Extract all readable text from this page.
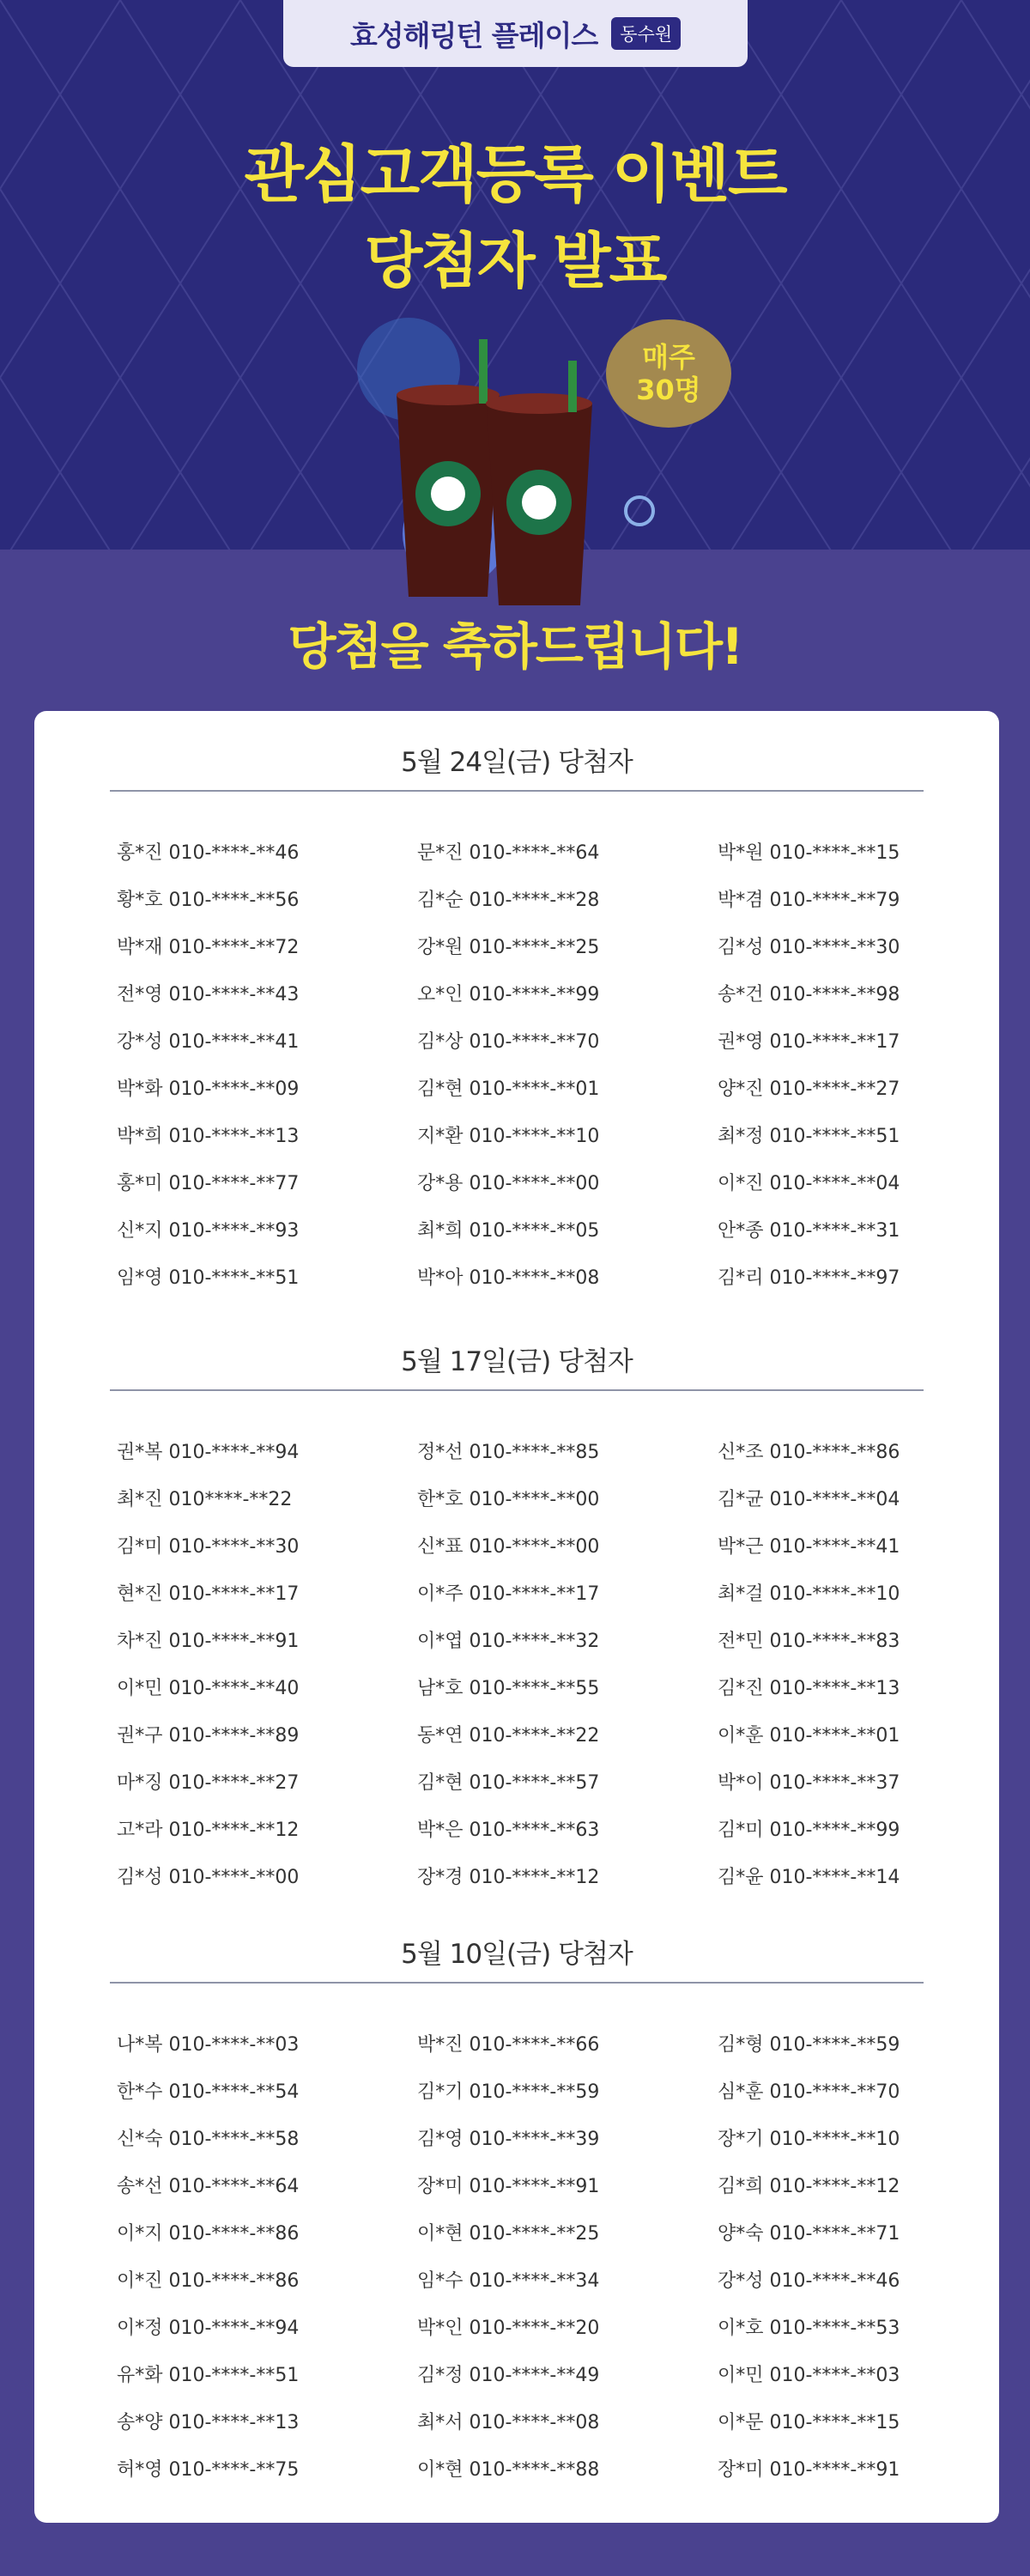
효성해링턴 플레이스	동수원
관심고객등록 이벤트
당첨자 발표
매주
30명
당첨을 축하드립니다!
5월 24일(금) 당첨자
홍*진 010-****-**46	문*진 010-****-**64	박*원 010-****-**15
황*호 010-****-**56	김*순 010-****-**28	박*겸 010-****-**79
박*재 010-****-**72	강*원 010-****-**25	김*성 010-****-**30
전*영 010-****-**43	오*인 010-****-**99	송*건 010-****-**98
강*성 010-****-**41	김*상 010-****-**70	권*영 010-****-**17
박*화 010-****-**09	김*현 010-****-**01	양*진 010-****-**27
박*희 010-****-**13	지*환 010-****-**10	최*정 010-****-**51
홍*미 010-****-**77	강*용 010-****-**00	이*진 010-****-**04
신*지 010-****-**93	최*희 010-****-**05	안*종 010-****-**31
임*영 010-****-**51	박*아 010-****-**08	김*리 010-****-**97
5월 17일(금) 당첨자
권*복 010-****-**94	정*선 010-****-**85	신*조 010-****-**86
최*진 010****-**22	한*호 010-****-**00	김*균 010-****-**04
김*미 010-****-**30	신*표 010-****-**00	박*근 010-****-**41
현*진 010-****-**17	이*주 010-****-**17	최*걸 010-****-**10
차*진 010-****-**91	이*엽 010-****-**32	전*민 010-****-**83
이*민 010-****-**40	남*호 010-****-**55	김*진 010-****-**13
권*구 010-****-**89	동*연 010-****-**22	이*훈 010-****-**01
마*징 010-****-**27	김*현 010-****-**57	박*이 010-****-**37
고*라 010-****-**12	박*은 010-****-**63	김*미 010-****-**99
김*성 010-****-**00	장*경 010-****-**12	김*윤 010-****-**14
5월 10일(금) 당첨자
나*복 010-****-**03	박*진 010-****-**66	김*형 010-****-**59
한*수 010-****-**54	김*기 010-****-**59	심*훈 010-****-**70
신*숙 010-****-**58	김*영 010-****-**39	장*기 010-****-**10
송*선 010-****-**64	장*미 010-****-**91	김*희 010-****-**12
이*지 010-****-**86	이*현 010-****-**25	양*숙 010-****-**71
이*진 010-****-**86	임*수 010-****-**34	강*성 010-****-**46
이*정 010-****-**94	박*인 010-****-**20	이*호 010-****-**53
유*화 010-****-**51	김*정 010-****-**49	이*민 010-****-**03
송*양 010-****-**13	최*서 010-****-**08	이*문 010-****-**15
허*영 010-****-**75	이*현 010-****-**88	장*미 010-****-**91
